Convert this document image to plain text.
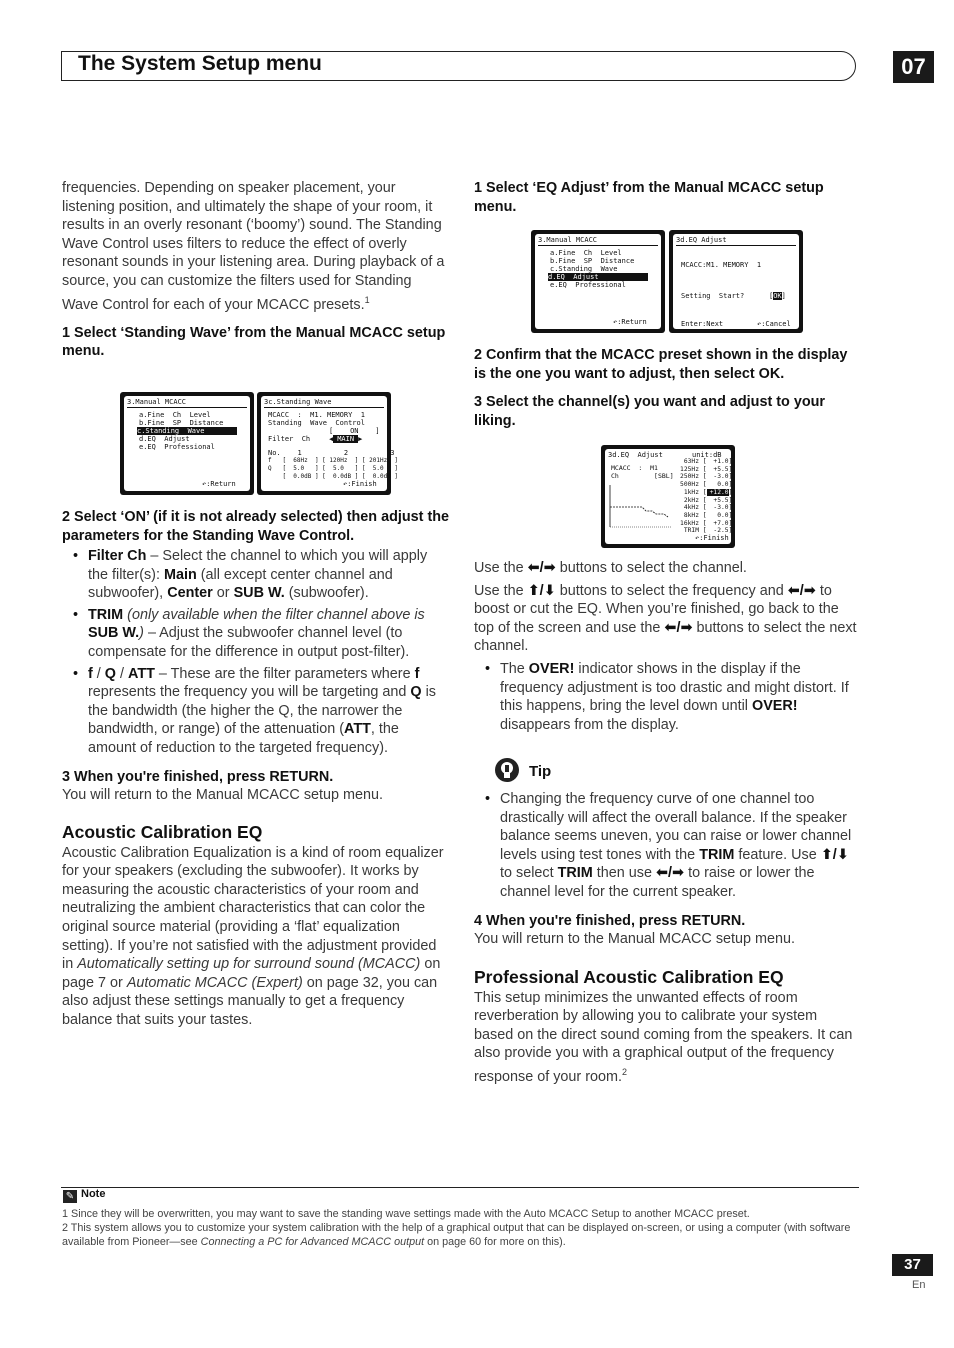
The System Setup menu	07

frequencies. Depending on speaker placement, your listening position, and ultimately the shape of your room, it results in an overly resonant (‘boomy’) sound. The Standing Wave Control uses filters to reduce the effect of overly resonant sounds in your listening area. During playback of a source, you can customize the filters used for Standing Wave Control for each of your MCACC presets.$^1$

1 Select ‘Standing Wave’ from the Manual MCACC setup menu.
3.Manual MCACC
a.Fine  Ch  Level
b.Fine  SP  Distance
c.Standing  Wave
d.EQ  Adjust
e.EQ  Professional
↶:Return
3c.Standing Wave
MCACC  :  M1. MEMORY  1
Standing  Wave  Control
[    ON    ]
Filter  Ch	◀ MAIN ▶
No.    1          2          3
f   [  68Hz  ] [ 120Hz  ] [ 201Hz  ]
Q   [  5.0   ] [  5.0   ] [  5.0   ]
[  0.0dB ] [  0.0dB ] [  0.0dB ]
↶:Finish
2 Select ‘ON’ (if it is not already selected) then adjust the parameters for the Standing Wave Control.
• Filter Ch – Select the channel to which you will apply the filter(s): Main (all except center channel and subwoofer), Center or SUB W. (subwoofer).
• TRIM (only available when the filter channel above is SUB W.) – Adjust the subwoofer channel level (to compensate for the difference in output post-filter).
• f / Q / ATT – These are the filter parameters where f represents the frequency you will be targeting and Q is the bandwidth (the higher the Q, the narrower the bandwidth, or range) of the attenuation (ATT, the amount of reduction to the targeted frequency).
3 When you're finished, press RETURN.

You will return to the Manual MCACC setup menu.

Acoustic Calibration EQ

Acoustic Calibration Equalization is a kind of room equalizer for your speakers (excluding the subwoofer). It works by measuring the acoustic characteristics of your room and neutralizing the ambient characteristics that can color the original source material (providing a ‘flat’ equalization setting). If you’re not satisfied with the adjustment provided in Automatically setting up for surround sound (MCACC) on page 7 or Automatic MCACC (Expert) on page 32, you can also adjust these settings manually to get a frequency balance that suits your tastes.

1 Select ‘EQ Adjust’ from the Manual MCACC setup menu.
3.Manual MCACC
a.Fine  Ch  Level
b.Fine  SP  Distance
c.Standing  Wave
d.EQ  Adjust
e.EQ  Professional
↶:Return
3d.EQ Adjust
MCACC:M1. MEMORY  1
Setting  Start?	[OK]
Enter:Next	↶:Cancel
2 Confirm that the MCACC preset shown in the display is the one you want to adjust, then select OK.
3 Select the channel(s) you want and adjust to your liking.
3d.EQ  Adjust	unit:dB
MCACC  :  M1
Ch         [SBL]
63Hz [ +1.0]
125Hz [ +5.5]
250Hz [ -3.0]
500Hz [ 0.0]
1kHz [ +12.0]
2kHz [ +5.5]
4kHz [ -3.0]
8kHz [ 0.0]
16kHz [ +7.0]
TRIM [ -2.5]
↶:Finish

Use the ⬅/➡ buttons to select the channel.

Use the ⬆/⬇ buttons to select the frequency and ⬅/➡ to boost or cut the EQ. When you’re finished, go back to the top of the screen and use the ⬅/➡ buttons to select the next channel.

• The OVER! indicator shows in the display if the frequency adjustment is too drastic and might distort. If this happens, bring the level down until OVER! disappears from the display.
Tip
• Changing the frequency curve of one channel too drastically will affect the overall balance. If the speaker balance seems uneven, you can raise or lower channel levels using test tones with the TRIM feature. Use ⬆/⬇ to select TRIM then use ⬅/➡ to raise or lower the channel level for the current speaker.
4 When you're finished, press RETURN.

You will return to the Manual MCACC setup menu.

Professional Acoustic Calibration EQ

This setup minimizes the unwanted effects of room reverberation by allowing you to calibrate your system based on the direct sound coming from the speakers. It can also provide you with a graphical output of the frequency response of your room.$^2$

✎ Note
1 Since they will be overwritten, you may want to save the standing wave settings made with the Auto MCACC Setup to another MCACC preset.
2 This system allows you to customize your system calibration with the help of a graphical output that can be displayed on-screen, or using a computer (with software available from Pioneer—see Connecting a PC for Advanced MCACC output on page 60 for more on this).
37
En
